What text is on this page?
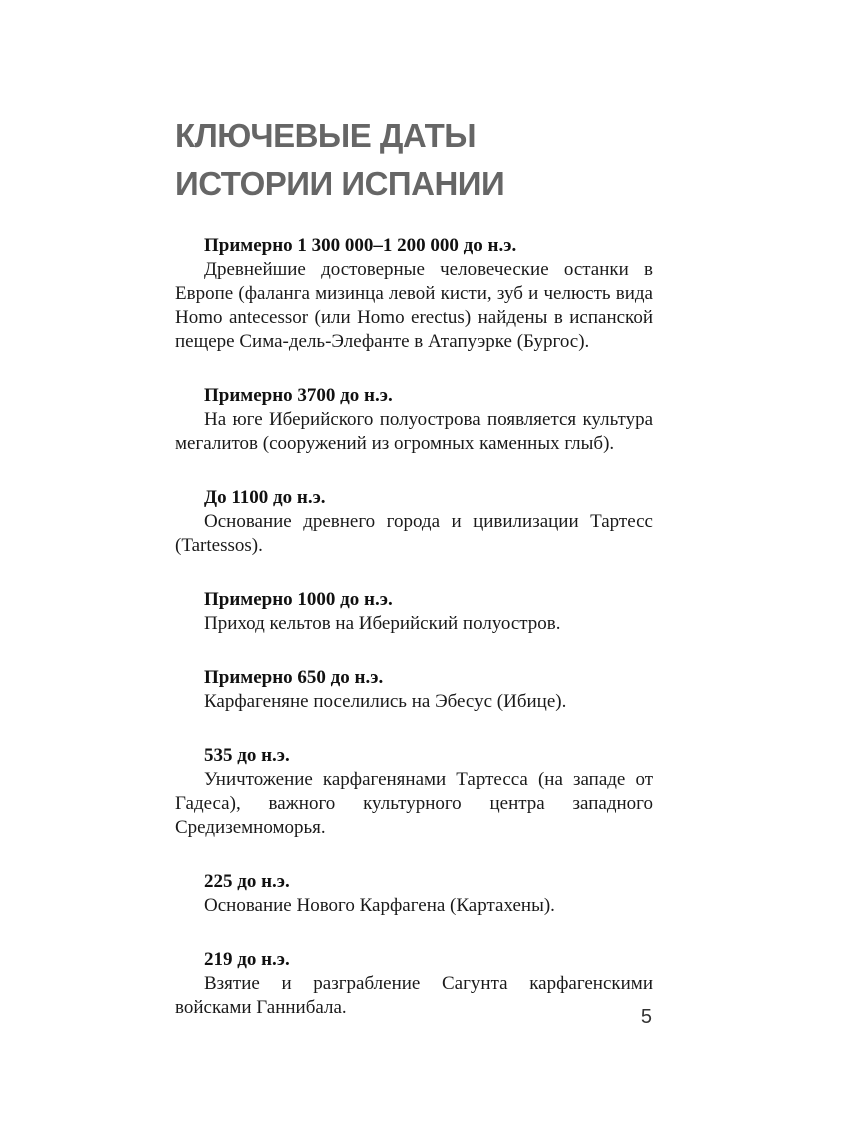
КЛЮЧЕВЫЕ ДАТЫ
ИСТОРИИ ИСПАНИИ

Примерно 1 300 000–1 200 000 до н.э.

Древнейшие достоверные человеческие останки в Европе (фаланга мизинца левой кисти, зуб и челюсть вида Homo antecessor (или Homo erectus) найдены в испанской пещере Сима-дель-Элефанте в Атапуэрке (Бургос).

Примерно 3700 до н.э.

На юге Иберийского полуострова появляется культура мегалитов (сооружений из огромных каменных глыб).

До 1100 до н.э.

Основание древнего города и цивилизации Тартесс (Tartessos).

Примерно 1000 до н.э.

Приход кельтов на Иберийский полуостров.

Примерно 650 до н.э.

Карфагеняне поселились на Эбесус (Ибице).

535 до н.э.

Уничтожение карфагенянами Тартесса (на западе от Гадеса), важного культурного центра западного Средиземноморья.

225 до н.э.

Основание Нового Карфагена (Картахены).

219 до н.э.

Взятие и разграбление Сагунта карфагенскими войсками Ганнибала.	5
